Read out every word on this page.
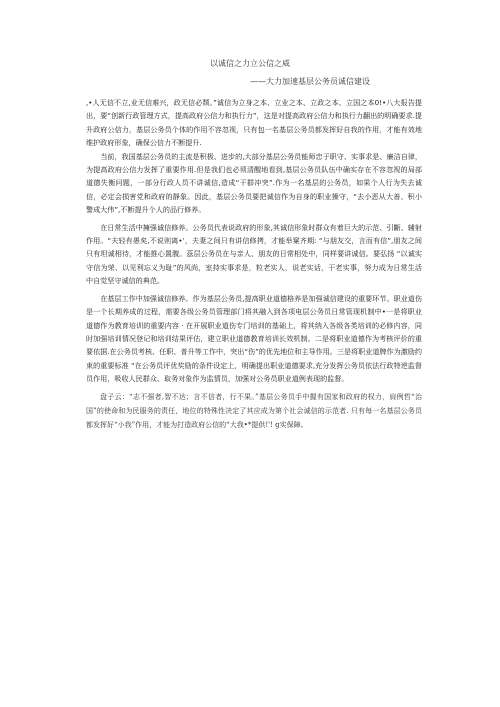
以诚信之力立公信之威
——大力加速基层公务员诚信建设

,•人无信不立,业无信难兴，政无信必颓。”诚信为立身之本、立业之本、立政之本、立国之本0!•八大报告提出，要“创新行政管理方式，提高政府公信力和执行力”，这是对提高政府公信力和执行力翻出的明确要求.提升政府公信力，基层公务员个体的作用不容忽视，只有包一名基层公务员都发挥好自我的作用，才能有效地维护政府形象，确保公信力不断提升.

当前，我国基层公务员的主流是积极、进步的,大部分基层公务员能师忠于职守、实事求是、廉洁自律，为提高政府公信力发挥了重要作用.但是我们也必须清醒地看到,基层公务员队伍中确实存在不容忽视的局部道德失衡问题，一部分行政人员不讲诚信,造成“干群冲突”.作为一名基层的公务员，如果个人行为失去诚信，必定会损害党和政府的靜象。因此，基层公务员要把诚信作为自身的职业操守，“去小恶从大善、积小警成大伟”,不断提升个人的品行修养。

在日常生活中擁强诚信修养。公务员代表说政府的形象,其诚信形象时群众有着巨大的示范、引斷、辅射作用。“夫轻有愚矣,不说则离•’，夫妻之间只有讲信修拷，才能举窠齐期: “与朋友交，言而有信”,朋友之间只有坦诚相待，才能推心置腹。茲层公务员在与亲人、朋友的日常相处中，同样要讲诚信。要弘扬 “以诚实守信为荣、以见利忘义为耻”的风尚，室持实事求是，粒老实人，说老实话，干老实事，努力成为日常生活中自觉坚守诚信的典范。

在基层工作中加强诚信修养。作为基层公务员,提高职业道德格养是加强诚信建设的重要环节。职业道伤是一个长期养成的过程，需要各级公务员管理部门将其融入到各项电层公务员日常管现机制中•一是将职业道德作为教育培训的重要内容 · 在开展职业道伤专门培训的基础上，将其纳入各级各类培训的必修内容，同时加强培训情况登记和培训结果评估，建立职业道德教育培训长效机制。二是将职业道德作为考核评价的重要依据.在公务员考核、任职、普升等工作中，突出“伤”的优先地位和主导作用。三是将职业道牌作为激励约束的重要标准 “在公务员评优奖励的条件设定上，明确提出职业道德要求,充分发挥公务员依法行政特逆监督员作用，吸收人民群众、取务对象作为监情员，加强对公务员职业道例表现的监督。

盘子云：“志不强者,智不达；言不信者，行不果。”基层公务员手中握有国家和政府的权力，肩例哲“治国”的使命和为民服务的责任，地位的特殊性决定了其应成为第个社会诚信的示范者. 只有每一名基层公务员都发挥好“小我”作用，才能为打造政府公信的“大我•*提供!'! g实保障。
